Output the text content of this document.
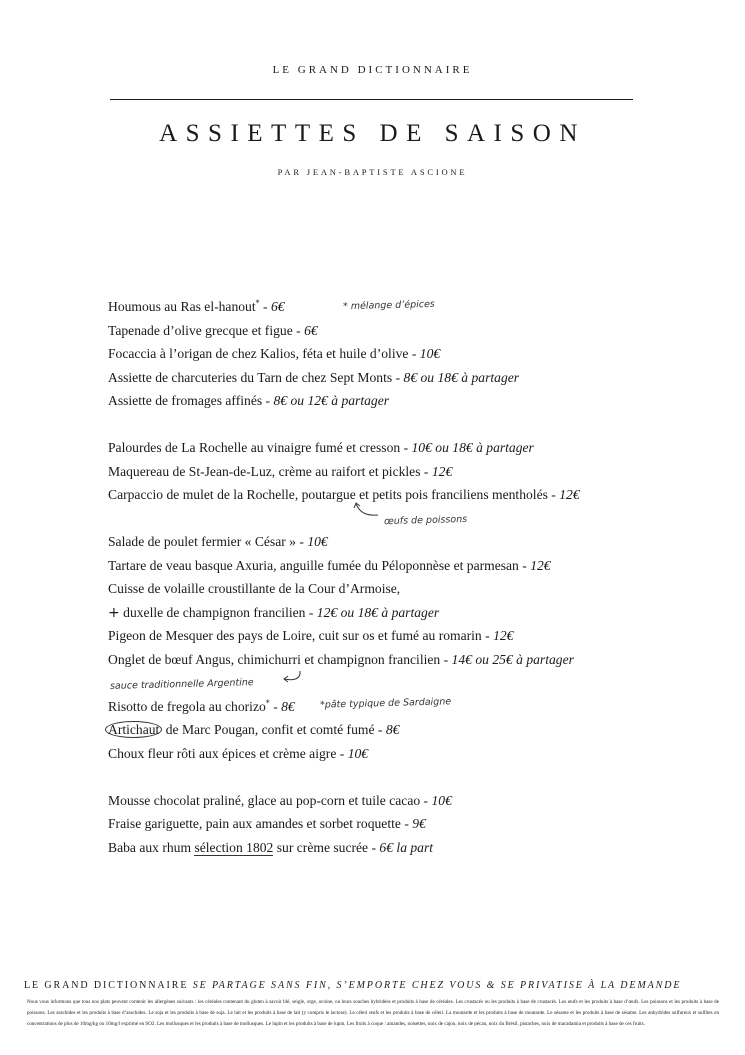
LE GRAND DICTIONNAIRE
ASSIETTES DE SAISON
PAR JEAN-BAPTISTE ASCIONE
Houmous au Ras el-hanout* - 6€	* mélange d’épices
Tapenade d’olive grecque et figue - 6€
Focaccia à l’origan de chez Kalios, féta et huile d’olive - 10€
Assiette de charcuteries du Tarn de chez Sept Monts - 8€ ou 18€ à partager
Assiette de fromages affinés - 8€ ou 12€ à partager
Palourdes de La Rochelle au vinaigre fumé et cresson - 10€ ou 18€ à partager
Maquereau de St-Jean-de-Luz, crème au raifort et pickles - 12€
Carpaccio de mulet de la Rochelle, poutargue et petits pois franciliens mentholés - 12€
œufs de poissons
Salade de poulet fermier « César » - 10€
Tartare de veau basque Axuria, anguille fumée du Péloponnèse et parmesan - 12€
Cuisse de volaille croustillante de la Cour d’Armoise,
+ duxelle de champignon francilien - 12€ ou 18€ à partager
Pigeon de Mesquer des pays de Loire, cuit sur os et fumé au romarin - 12€
Onglet de bœuf Angus, chimichurri et champignon francilien - 14€ ou 25€ à partager
sauce traditionnelle Argentine
Risotto de fregola au chorizo* - 8€	*pâte typique de Sardaigne
Artichaut de Marc Pougan, confit et comté fumé - 8€
Choux fleur rôti aux épices et crème aigre - 10€
Mousse chocolat praliné, glace au pop-corn et tuile cacao - 10€
Fraise gariguette, pain aux amandes et sorbet roquette - 9€
Baba aux rhum sélection 1802 sur crème sucrée - 6€ la part
LE GRAND DICTIONNAIRE SE PARTAGE SANS FIN, S’EMPORTE CHEZ VOUS & SE PRIVATISE À LA DEMANDE
Nous vous informons que tous nos plats peuvent contenir les allergènes suivants : les céréales contenant du gluten à savoir blé, seigle, orge, avoine, ou leurs souches hybridées et produits à base de céréales. Les crustacés ou les produits à base de crustacés. Les œufs et les produits à base d’œufs. Les poissons et les produits à base de poissons. Les arachides et les produits à base d’arachides. Le soja et les produits à base de soja. Le lait et les produits à base de lait (y compris le lactose). Le céleri œufs et les produits à base de céleri. La moutarde et les produits à base de moutarde. Le sésame et les produits à base de sésame. Les anhydrides sulfureux et sulfites en concentrations de plus de 10mg/kg ou 10mg/l exprimé en SO2. Les mollusques et les produits à base de mollusques. Le lupin et les produits à base de lupin. Les fruits à coque : amandes, noisettes, noix de cajou, noix de pécan, noix du Brésil, pistaches, noix de macadamia et produits à base de ces fruits.
